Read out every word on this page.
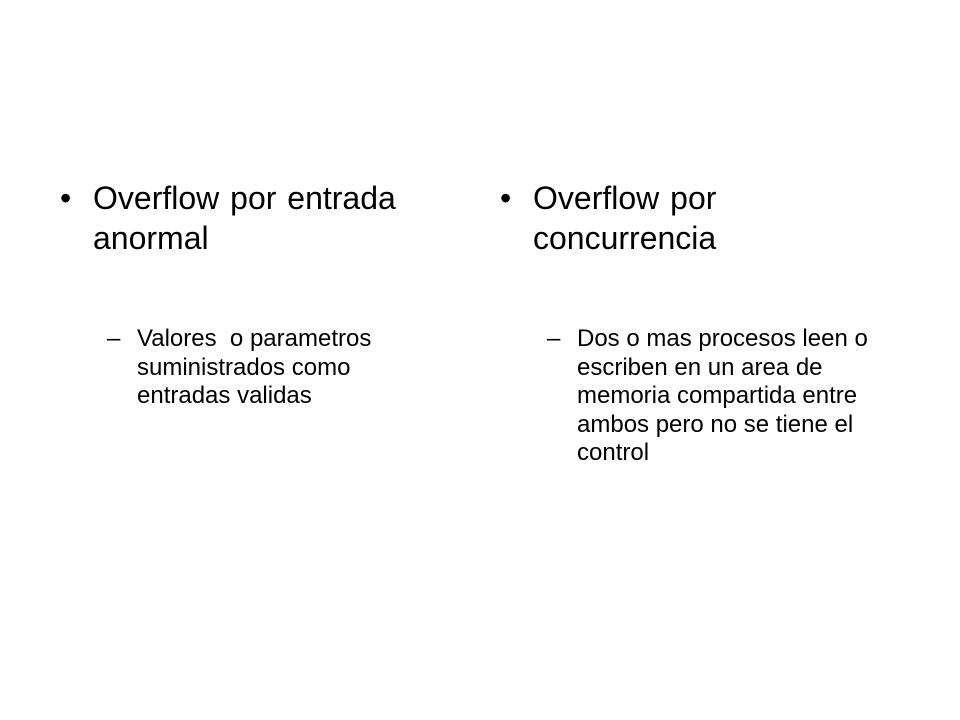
• Overflow por entrada anormal
– Valores  o parametros suministrados como entradas validas
• Overflow por concurrencia
– Dos o mas procesos leen o escriben en un area de memoria compartida entre ambos pero no se tiene el control
